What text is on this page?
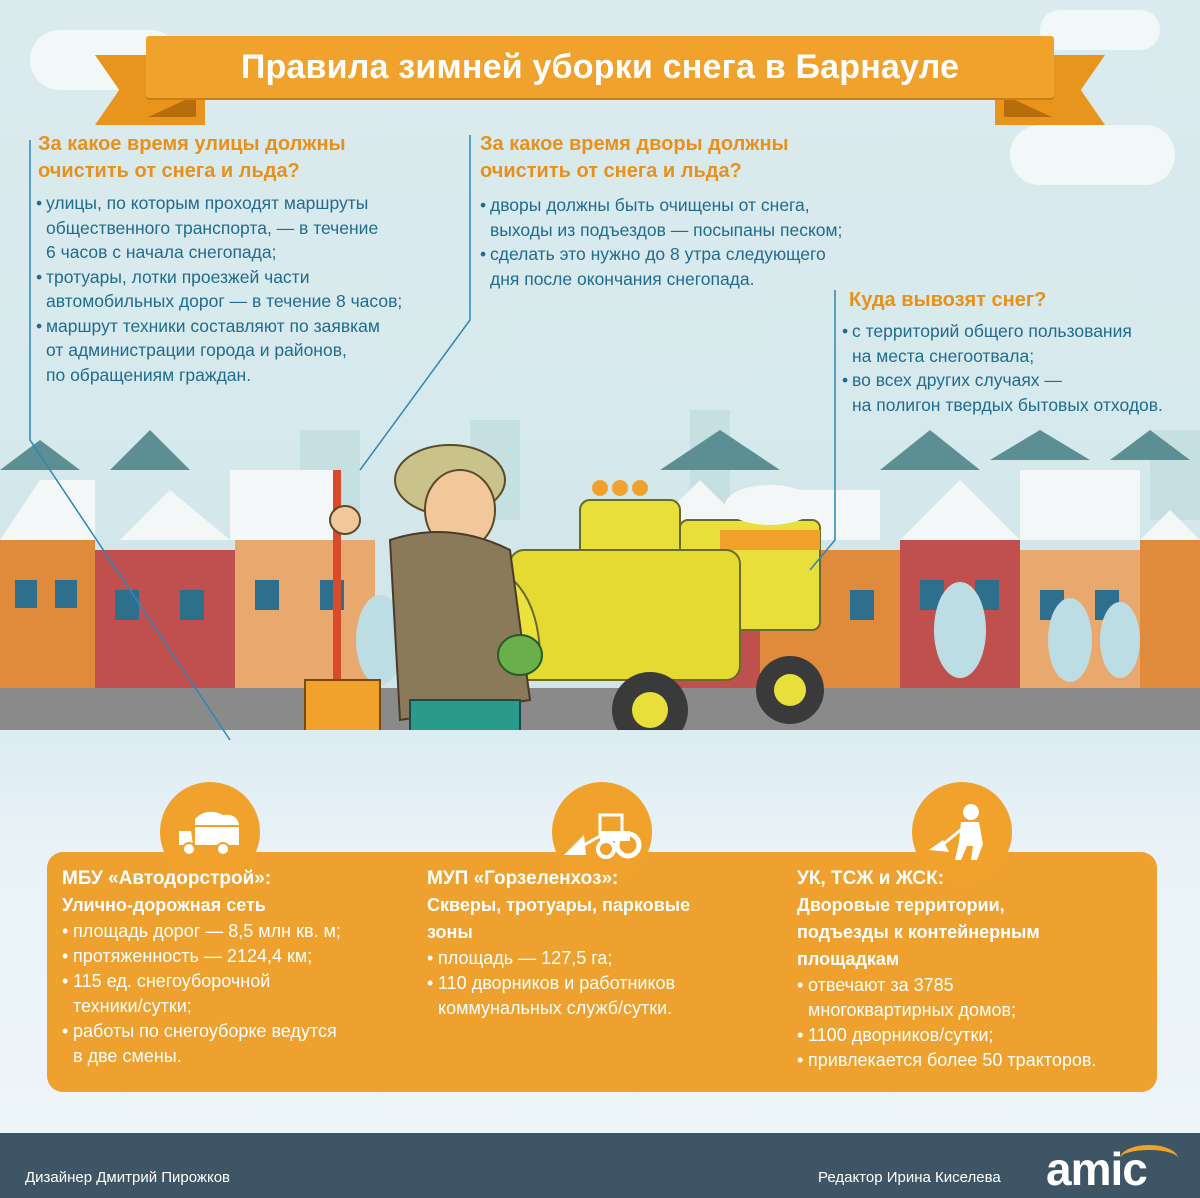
Правила зимней уборки снега в Барнауле
За какое время улицы должны
очистить от снега и льда?
• улицы, по которым проходят маршруты
общественного транспорта, — в течение
6 часов с начала снегопада;
• тротуары, лотки проезжей части
автомобильных дорог — в течение 8 часов;
• маршрут техники составляют по заявкам
от администрации города и районов,
по обращениям граждан.
За какое время дворы должны
очистить от снега и льда?
• дворы должны быть очищены от снега,
выходы из подъездов — посыпаны песком;
• сделать это нужно до 8 утра следующего
дня после окончания снегопада.
Куда вывозят снег?
• с территорий общего пользования
на места снегоотвала;
• во всех других случаях —
на полигон твердых бытовых отходов.
МБУ «Автодорстрой»:
Улично-дорожная сеть
• площадь дорог — 8,5 млн кв. м;
• протяженность — 2124,4 км;
• 115 ед. снегоуборочной
техники/сутки;
• работы по снегоуборке ведутся
в две смены.
МУП «Горзеленхоз»:
Скверы, тротуары, парковые
зоны
• площадь — 127,5 га;
• 110 дворников и работников
коммунальных служб/сутки.
УК, ТСЖ и ЖСК:
Дворовые территории,
подъезды к контейнерным
площадкам
• отвечают за 3785
многоквартирных домов;
• 1100 дворников/сутки;
• привлекается более 50 тракторов.
Дизайнер Дмитрий Пирожков	Редактор Ирина Киселева amic
